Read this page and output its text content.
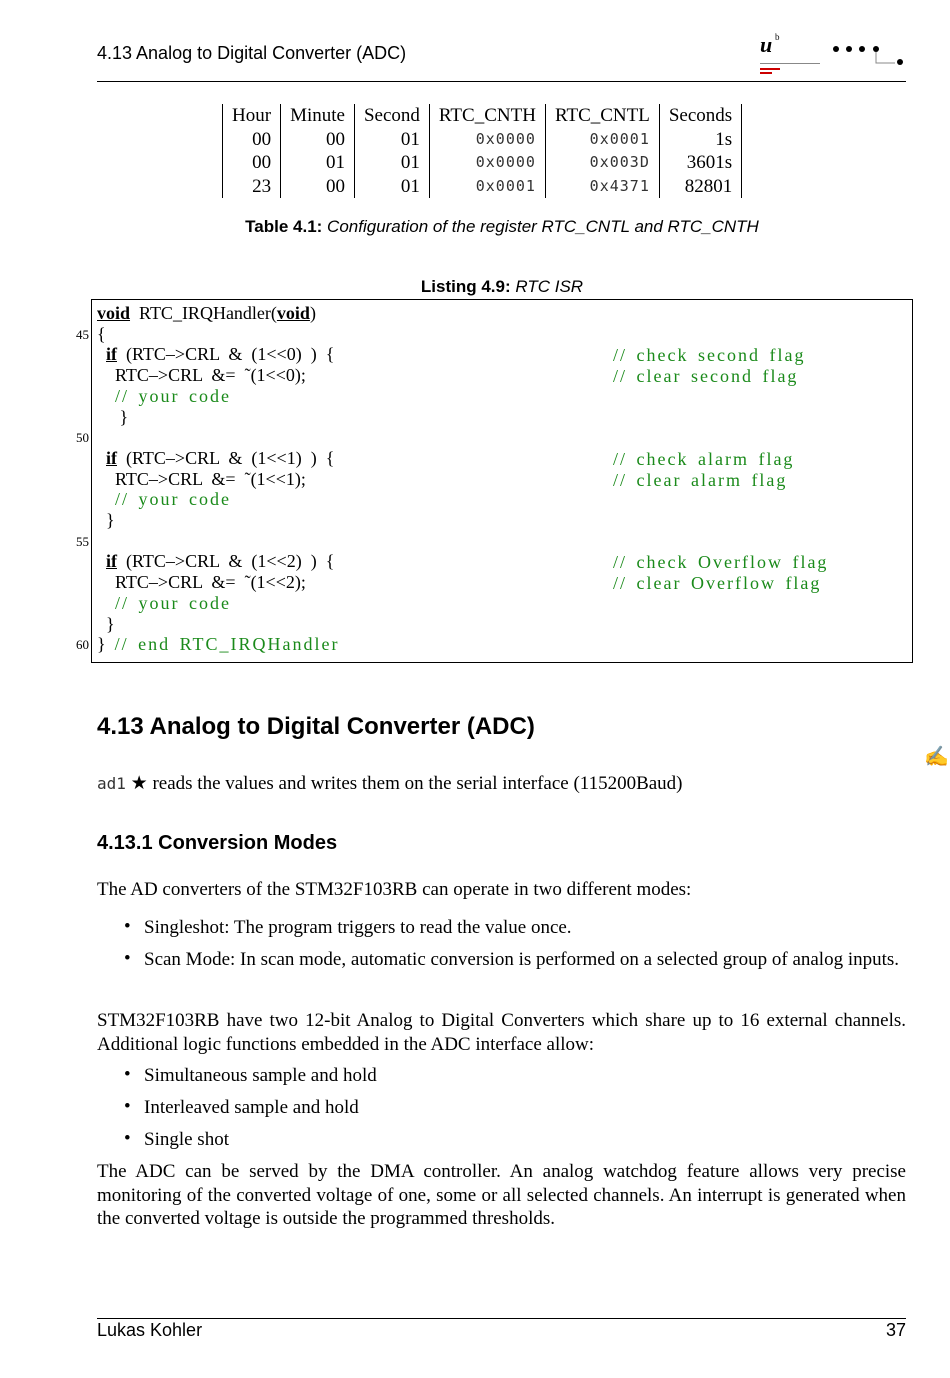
4.13 Analog to Digital Converter (ADC)	u b
Hour	Minute	Second	RTC_CNTH	RTC_CNTL	Seconds
00	00	01	0x0000	0x0001	1s
00	01	01	0x0000	0x003D	3601s
23	00	01	0x0001	0x4371	82801
Table 4.1: Configuration of the register RTC_CNTL and RTC_CNTH
Listing 4.9: RTC ISR
void  RTC_IRQHandler(void)
{
if  (RTC–>CRL  &  (1<<0)  )  {	// check second flag
RTC–>CRL  &=  ˜(1<<0);	// clear second flag
// your code
}
if  (RTC–>CRL  &  (1<<1)  )  {	// check alarm flag
RTC–>CRL  &=  ˜(1<<1);	// clear alarm flag
// your code
}
if  (RTC–>CRL  &  (1<<2)  )  {	// check Overflow flag
RTC–>CRL  &=  ˜(1<<2);	// clear Overflow flag
// your code
}
}  // end RTC_IRQHandler
45
50
55
60
4.13 Analog to Digital Converter (ADC)
✍
ad1 ★ reads the values and writes them on the serial interface (115200Baud)
4.13.1 Conversion Modes
The AD converters of the STM32F103RB can operate in two different modes:
• Singleshot: The program triggers to read the value once.
• Scan Mode: In scan mode, automatic conversion is performed on a selected group of analog inputs.
STM32F103RB have two 12-bit Analog to Digital Converters which share up to 16 external channels. Additional logic functions embedded in the ADC interface allow:
• Simultaneous sample and hold
• Interleaved sample and hold
• Single shot
The ADC can be served by the DMA controller. An analog watchdog feature allows very precise monitoring of the converted voltage of one, some or all selected channels. An interrupt is generated when the converted voltage is outside the programmed thresholds.
Lukas Kohler	37
